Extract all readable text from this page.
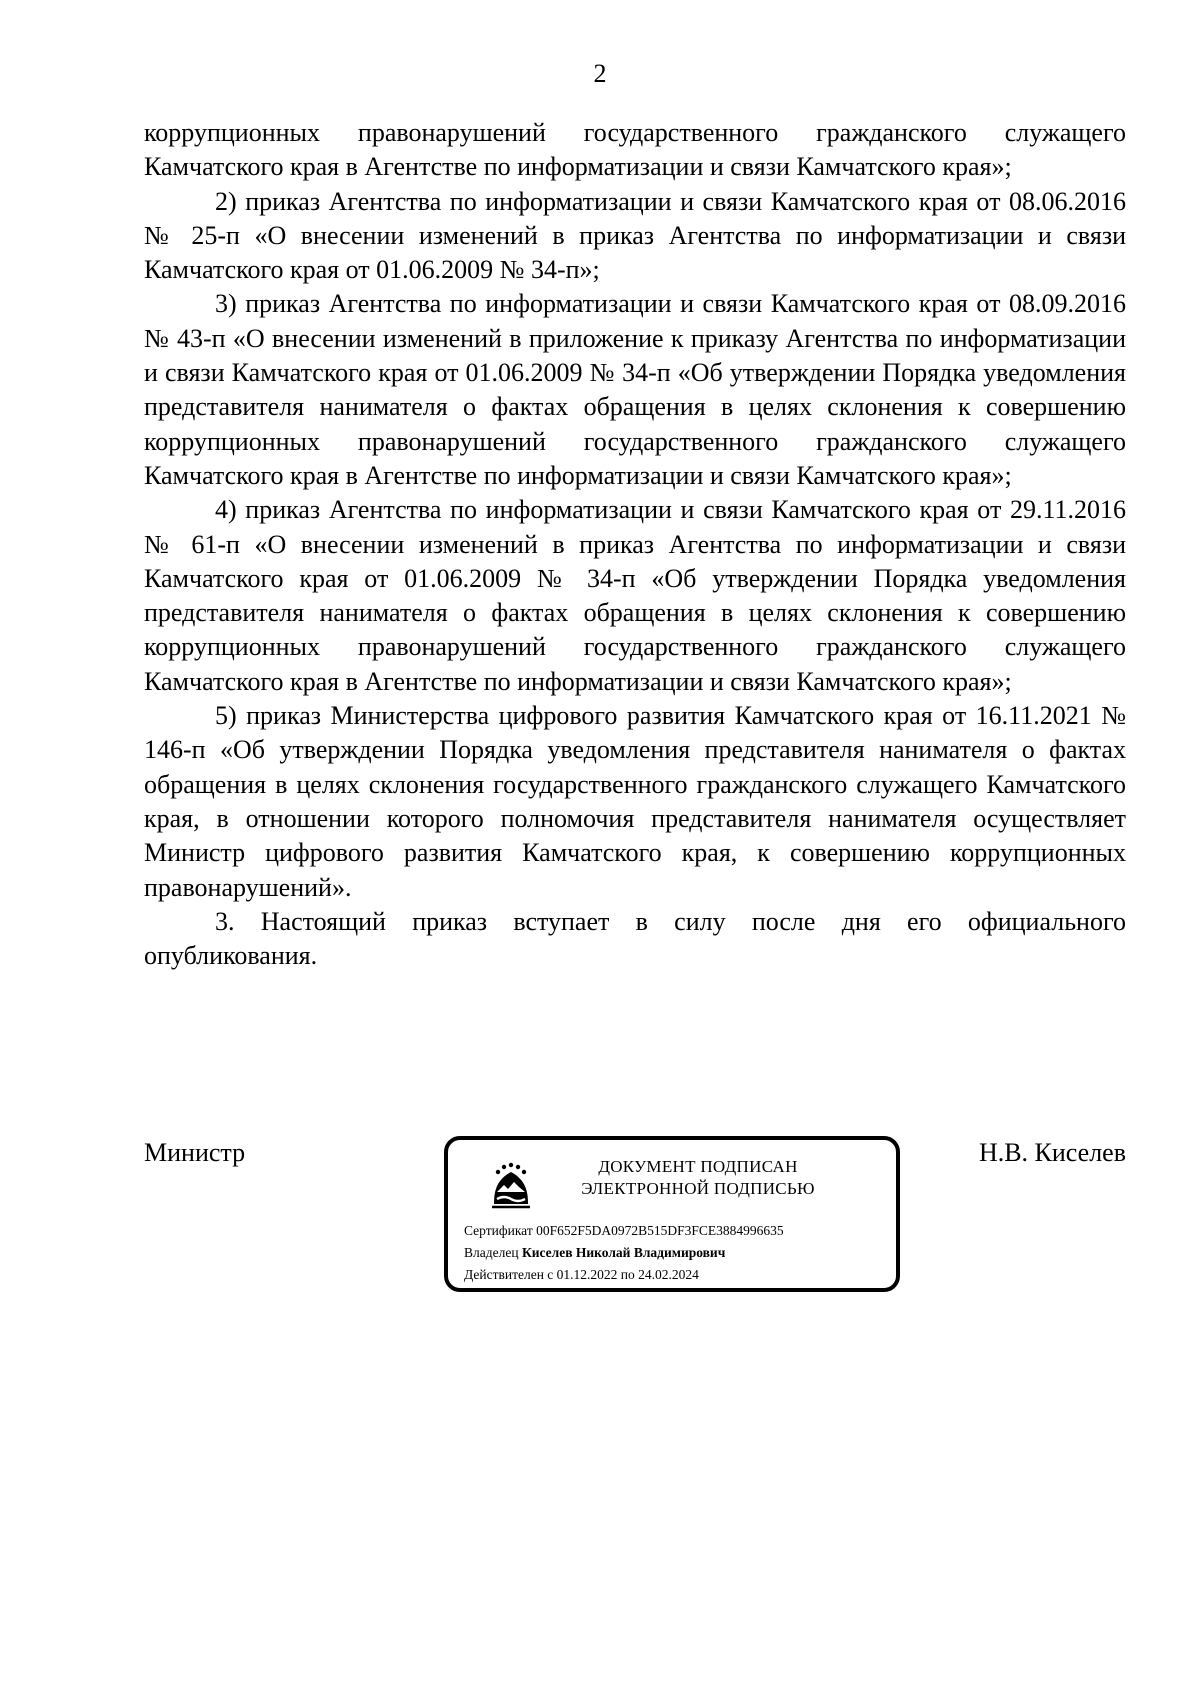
2

коррупционных правонарушений государственного гражданского служащего Камчатского края в Агентстве по информатизации и связи Камчатского края»;

2) приказ Агентства по информатизации и связи Камчатского края от 08.06.2016 № 25-п «О внесении изменений в приказ Агентства по информатизации и связи Камчатского края от 01.06.2009 № 34-п»;

3) приказ Агентства по информатизации и связи Камчатского края от 08.09.2016 № 43-п «О внесении изменений в приложение к приказу Агентства по информатизации и связи Камчатского края от 01.06.2009 № 34-п «Об утверждении Порядка уведомления представителя нанимателя о фактах обращения в целях склонения к совершению коррупционных правонарушений государственного гражданского служащего Камчатского края в Агентстве по информатизации и связи Камчатского края»;

4) приказ Агентства по информатизации и связи Камчатского края от 29.11.2016 № 61-п «О внесении изменений в приказ Агентства по информатизации и связи Камчатского края от 01.06.2009 № 34-п «Об утверждении Порядка уведомления представителя нанимателя о фактах обращения в целях склонения к совершению коррупционных правонарушений государственного гражданского служащего Камчатского края в Агентстве по информатизации и связи Камчатского края»;

5) приказ Министерства цифрового развития Камчатского края от 16.11.2021 № 146-п «Об утверждении Порядка уведомления представителя нанимателя о фактах обращения в целях склонения государственного гражданского служащего Камчатского края, в отношении которого полномочия представителя нанимателя осуществляет Министр цифрового развития Камчатского края, к совершению коррупционных правонарушений».

3. Настоящий приказ вступает в силу после дня его официального опубликования.

Министр	ДОКУМЕНТ ПОДПИСАН
ЭЛЕКТРОННОЙ ПОДПИСЬЮ
Сертификат 00F652F5DA0972B515DF3FCE3884996635
Владелец Киселев Николай Владимирович
Действителен с 01.12.2022 по 24.02.2024
Н.В. Киселев
